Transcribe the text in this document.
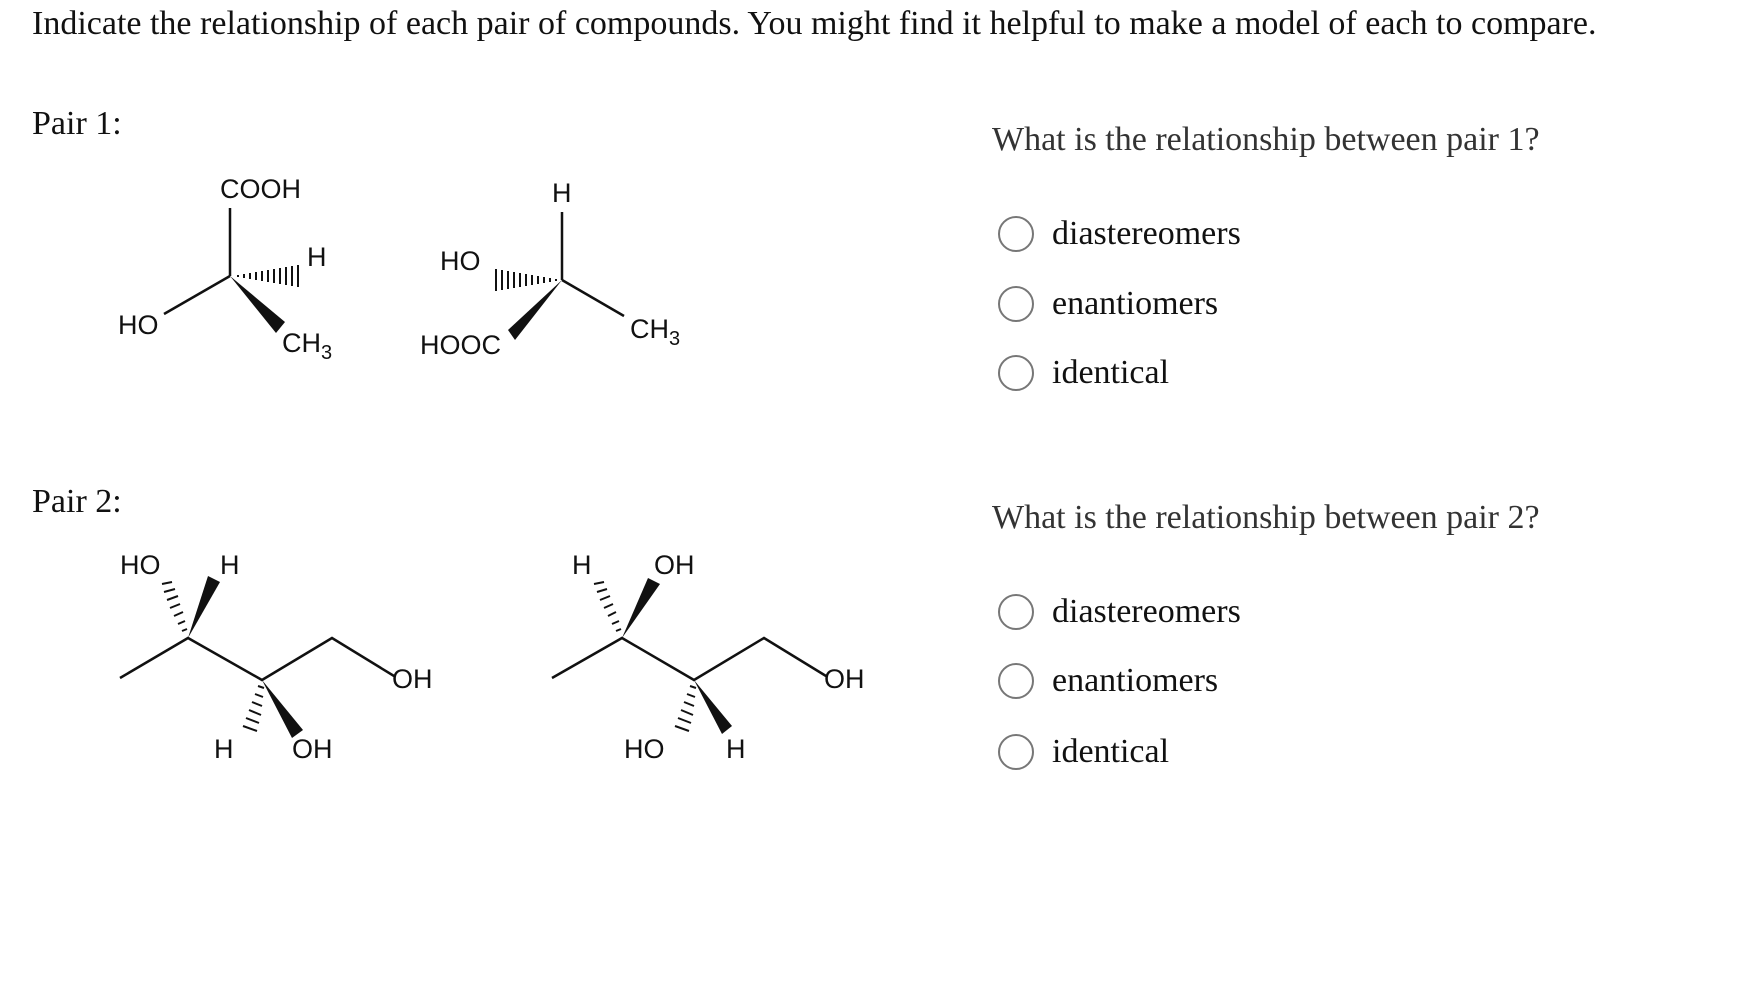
Indicate the relationship of each pair of compounds. You might find it helpful to make a model of each to compare.
Pair 1:
Pair 2:
COOH
H
HO
$CH_3$
H
HO
HOOC
$CH_3$
HO H
H OH
OH
H OH
HO H
OH
What is the relationship between pair 1?
diastereomers
enantiomers
identical
What is the relationship between pair 2?
diastereomers
enantiomers
identical
